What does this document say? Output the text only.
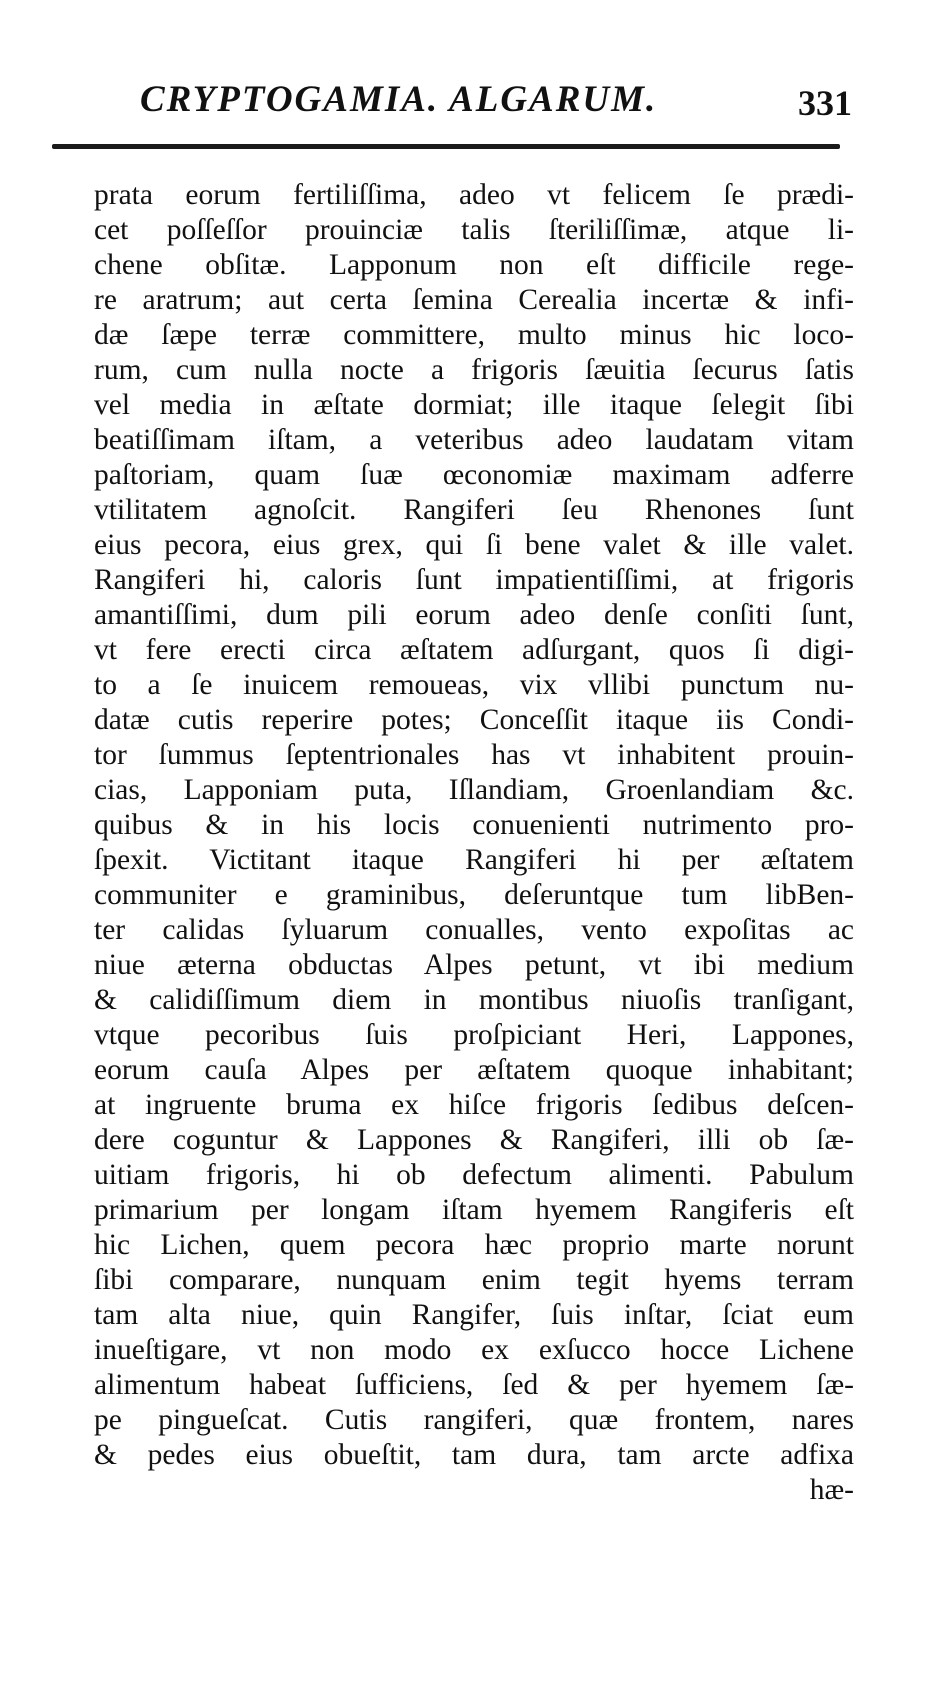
CRYPTOGAMIA. ALGARUM.	331
prata eorum fertiliſſima, adeo vt felicem ſe prædi-
cet poſſeſſor prouinciæ talis ſteriliſſimæ, atque li-
chene obſitæ. Lapponum non eſt difficile rege-
re aratrum; aut certa ſemina Cerealia incertæ & infi-
dæ ſæpe terræ committere, multo minus hic loco-
rum, cum nulla nocte a frigoris ſæuitia ſecurus ſatis
vel media in æſtate dormiat; ille itaque ſelegit ſibi
beatiſſimam iſtam, a veteribus adeo laudatam vitam
paſtoriam, quam ſuæ œconomiæ maximam adferre
vtilitatem agnoſcit. Rangiferi ſeu Rhenones ſunt
eius pecora, eius grex, qui ſi bene valet & ille valet.
Rangiferi hi, caloris ſunt impatientiſſimi, at frigoris
amantiſſimi, dum pili eorum adeo denſe conſiti ſunt,
vt fere erecti circa æſtatem adſurgant, quos ſi digi-
to a ſe inuicem remoueas, vix vllibi punctum nu-
datæ cutis reperire potes; Conceſſit itaque iis Condi-
tor ſummus ſeptentrionales has vt inhabitent prouin-
cias, Lapponiam puta, Iſlandiam, Groenlandiam &c.
quibus & in his locis conuenienti nutrimento pro-
ſpexit. Victitant itaque Rangiferi hi per æſtatem
communiter e graminibus, deſeruntque tum libBen-
ter calidas ſyluarum conualles, vento expoſitas ac
niue æterna obductas Alpes petunt, vt ibi medium
& calidiſſimum diem in montibus niuoſis tranſigant,
vtque pecoribus ſuis proſpiciant Heri, Lappones,
eorum cauſa Alpes per æſtatem quoque inhabitant;
at ingruente bruma ex hiſce frigoris ſedibus deſcen-
dere coguntur & Lappones & Rangiferi, illi ob ſæ-
uitiam frigoris, hi ob defectum alimenti. Pabulum
primarium per longam iſtam hyemem Rangiferis eſt
hic Lichen, quem pecora hæc proprio marte norunt
ſibi comparare, nunquam enim tegit hyems terram
tam alta niue, quin Rangifer, ſuis inſtar, ſciat eum
inueſtigare, vt non modo ex exſucco hocce Lichene
alimentum habeat ſufficiens, ſed & per hyemem ſæ-
pe pingueſcat. Cutis rangiferi, quæ frontem, nares
& pedes eius obueſtit, tam dura, tam arcte adfixa
hæ-
